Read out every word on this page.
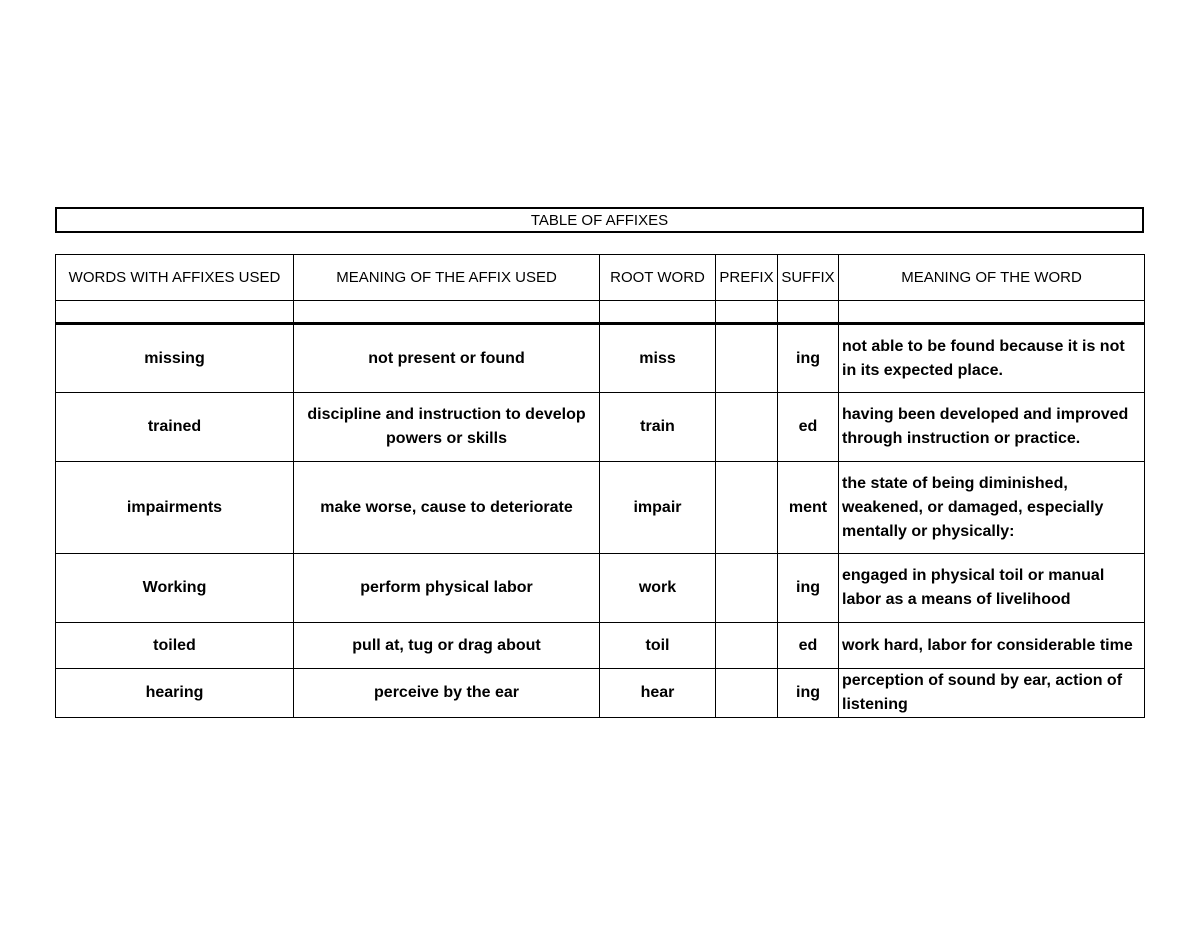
TABLE OF AFFIXES
WORDS WITH AFFIXES USED	MEANING OF THE AFFIX USED	ROOT WORD	PREFIX	SUFFIX	MEANING OF THE WORD

missing	not present or found	miss		ing	not able to be found because it is not in its expected place.
trained	discipline and instruction to develop powers or skills	train		ed	having been developed and improved through instruction or practice.
impairments	make worse, cause to deteriorate	impair		ment	the state of being diminished, weakened, or damaged, especially mentally or physically:
Working	perform physical labor	work		ing	engaged in physical toil or manual labor as a means of livelihood
toiled	pull at, tug or drag about	toil		ed	work hard, labor for considerable time
hearing	perceive by the ear	hear		ing	perception of sound by ear, action of listening
